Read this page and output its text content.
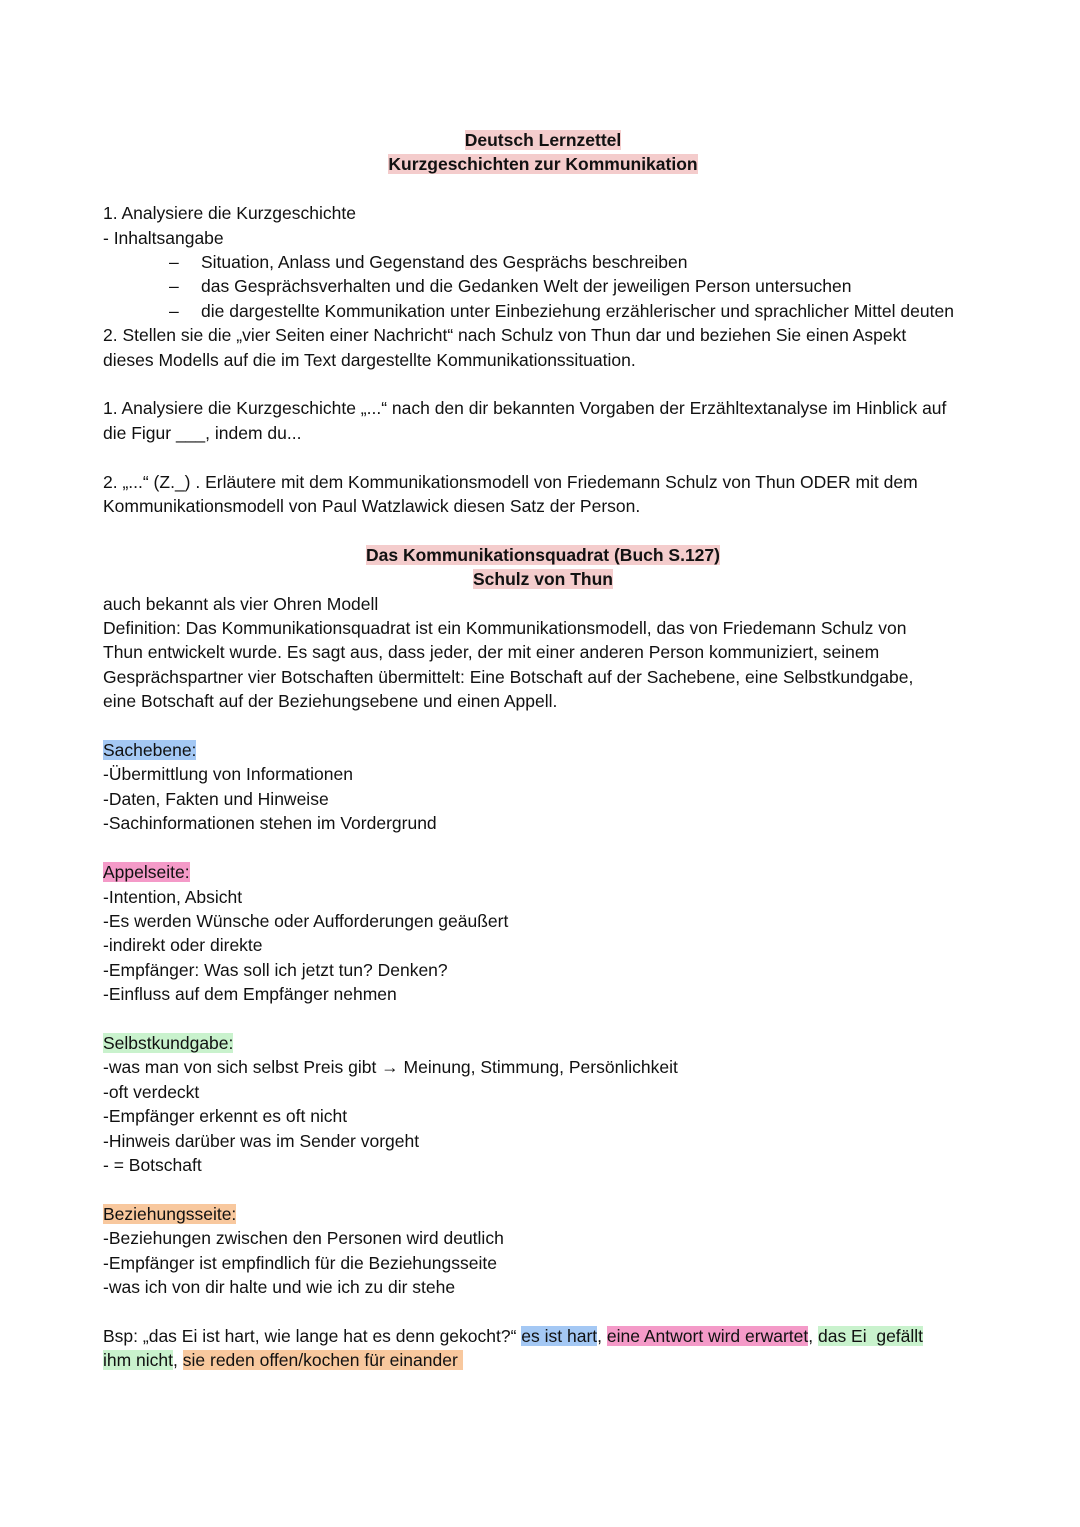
Deutsch Lernzettel
Kurzgeschichten zur Kommunikation
1. Analysiere die Kurzgeschichte
- Inhaltsangabe
– Situation, Anlass und Gegenstand des Gesprächs beschreiben
– das Gesprächsverhalten und die Gedanken Welt der jeweiligen Person untersuchen
– die dargestellte Kommunikation unter Einbeziehung erzählerischer und sprachlicher Mittel deuten
2. Stellen sie die „vier Seiten einer Nachricht“ nach Schulz von Thun dar und beziehen Sie einen Aspekt
dieses Modells auf die im Text dargestellte Kommunikationssituation.
1. Analysiere die Kurzgeschichte „...“ nach den dir bekannten Vorgaben der Erzähltextanalyse im Hinblick auf
die Figur ___, indem du...
2. „...“ (Z._) . Erläutere mit dem Kommunikationsmodell von Friedemann Schulz von Thun ODER mit dem
Kommunikationsmodell von Paul Watzlawick diesen Satz der Person.
Das Kommunikationsquadrat (Buch S.127)
Schulz von Thun
auch bekannt als vier Ohren Modell
Definition: Das Kommunikationsquadrat ist ein Kommunikationsmodell, das von Friedemann Schulz von
Thun entwickelt wurde. Es sagt aus, dass jeder, der mit einer anderen Person kommuniziert, seinem
Gesprächspartner vier Botschaften übermittelt: Eine Botschaft auf der Sachebene, eine Selbstkundgabe,
eine Botschaft auf der Beziehungsebene und einen Appell.
Sachebene:
-Übermittlung von Informationen
-Daten, Fakten und Hinweise
-Sachinformationen stehen im Vordergrund
Appelseite:
-Intention, Absicht
-Es werden Wünsche oder Aufforderungen geäußert
-indirekt oder direkte
-Empfänger: Was soll ich jetzt tun? Denken?
-Einfluss auf dem Empfänger nehmen
Selbstkundgabe:
-was man von sich selbst Preis gibt → Meinung, Stimmung, Persönlichkeit
-oft verdeckt
-Empfänger erkennt es oft nicht
-Hinweis darüber was im Sender vorgeht
- = Botschaft
Beziehungsseite:
-Beziehungen zwischen den Personen wird deutlich
-Empfänger ist empfindlich für die Beziehungsseite
-was ich von dir halte und wie ich zu dir stehe
Bsp: „das Ei ist hart, wie lange hat es denn gekocht?“ es ist hart, eine Antwort wird erwartet, das Ei  gefällt
ihm nicht, sie reden offen/kochen für einander
